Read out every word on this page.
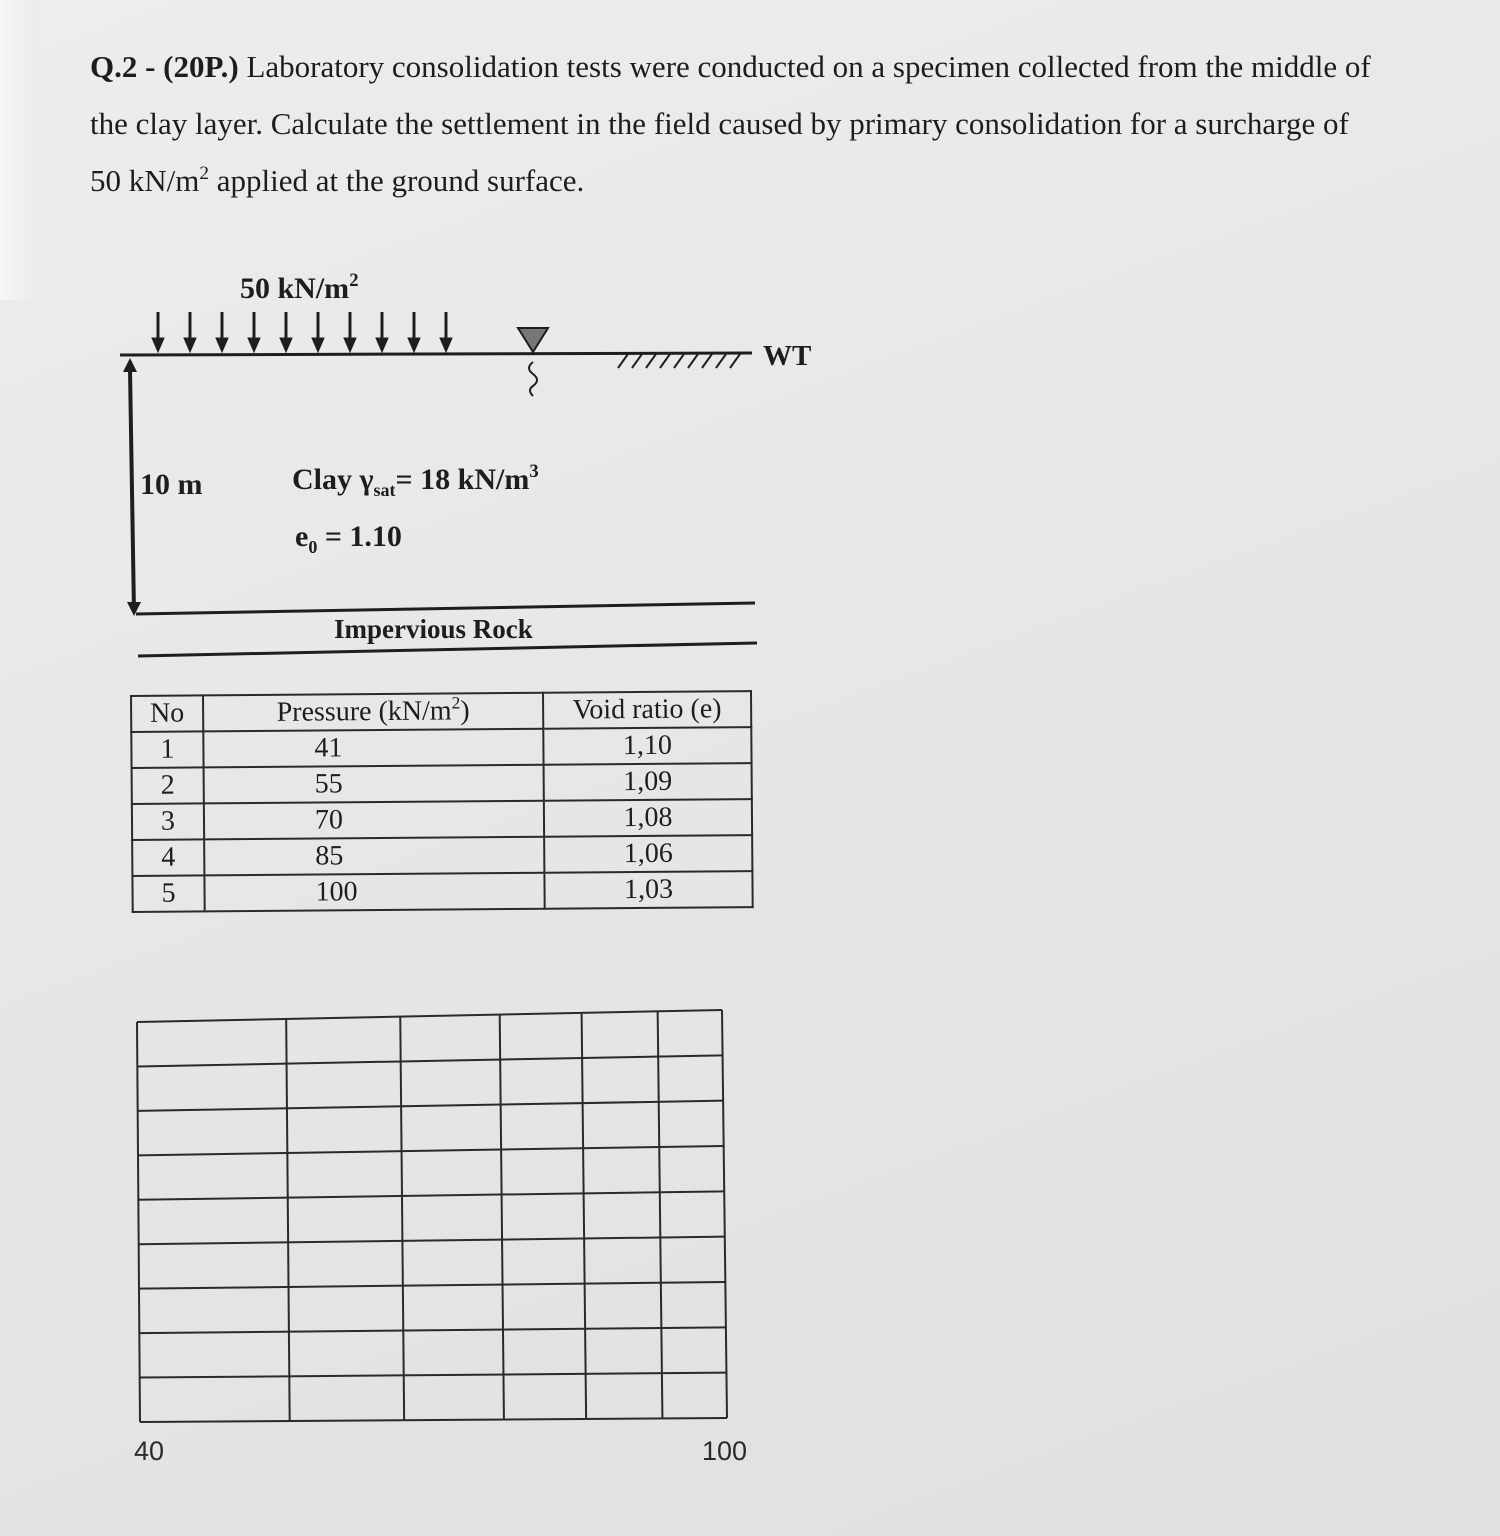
Q.2 - (20P.) Laboratory consolidation tests were conducted on a specimen collected from the middle of

the clay layer. Calculate the settlement in the field caused by primary consolidation for a surcharge of

50 $kN/m^2$ applied at the ground surface.

50 $kN/m^2$
WT
10 m	Clay $\gamma_{sat}= 18$ $kN/m^3$
$e_0 = 1.10$
Impervious Rock
No	Pressure $(kN/m^2)$	Void ratio (e)
1	41	1,10
2	55	1,09
3	70	1,08
4	85	1,06
5	100	1,03
40	100
